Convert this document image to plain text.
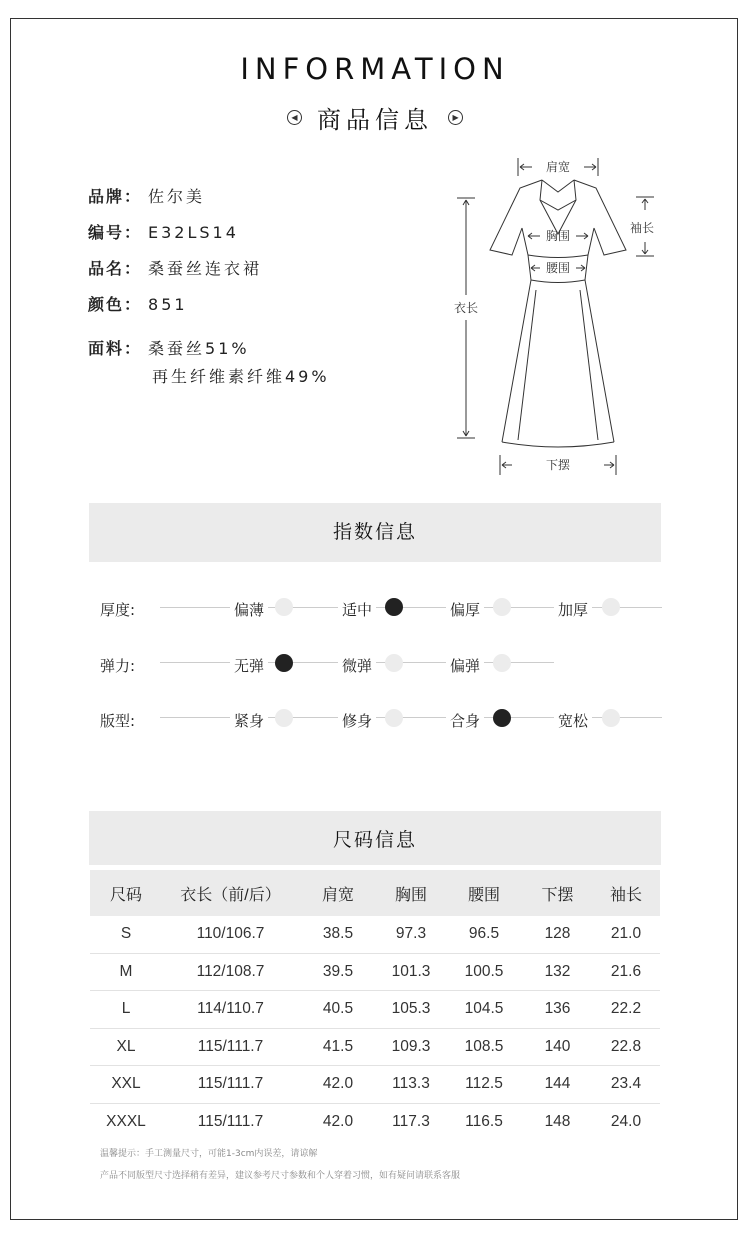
INFORMATION
◀ 商品信息 ▶
品牌： 佐尔美
编号： E32LS14
品名： 桑蚕丝连衣裙
颜色： 851
面料： 桑蚕丝51%
再生纤维素纤维49%
肩宽
袖长
胸围
腰围
衣长
下摆
指数信息
厚度:	偏薄	适中	偏厚	加厚
弹力:	无弹	微弹	偏弹
版型:	紧身	修身	合身	宽松
尺码信息
尺码	衣长（前/后）	肩宽	胸围	腰围	下摆	袖长
S	110/106.7	38.5	97.3	96.5	128	21.0
M	112/108.7	39.5	101.3	100.5	132	21.6
L	114/110.7	40.5	105.3	104.5	136	22.2
XL	115/111.7	41.5	109.3	108.5	140	22.8
XXL	115/111.7	42.0	113.3	112.5	144	23.4
XXXL	115/111.7	42.0	117.3	116.5	148	24.0
温馨提示：手工测量尺寸，可能1-3cm内误差，请谅解
产品不同版型尺寸选择稍有差异，建议参考尺寸参数和个人穿着习惯，如有疑问请联系客服
